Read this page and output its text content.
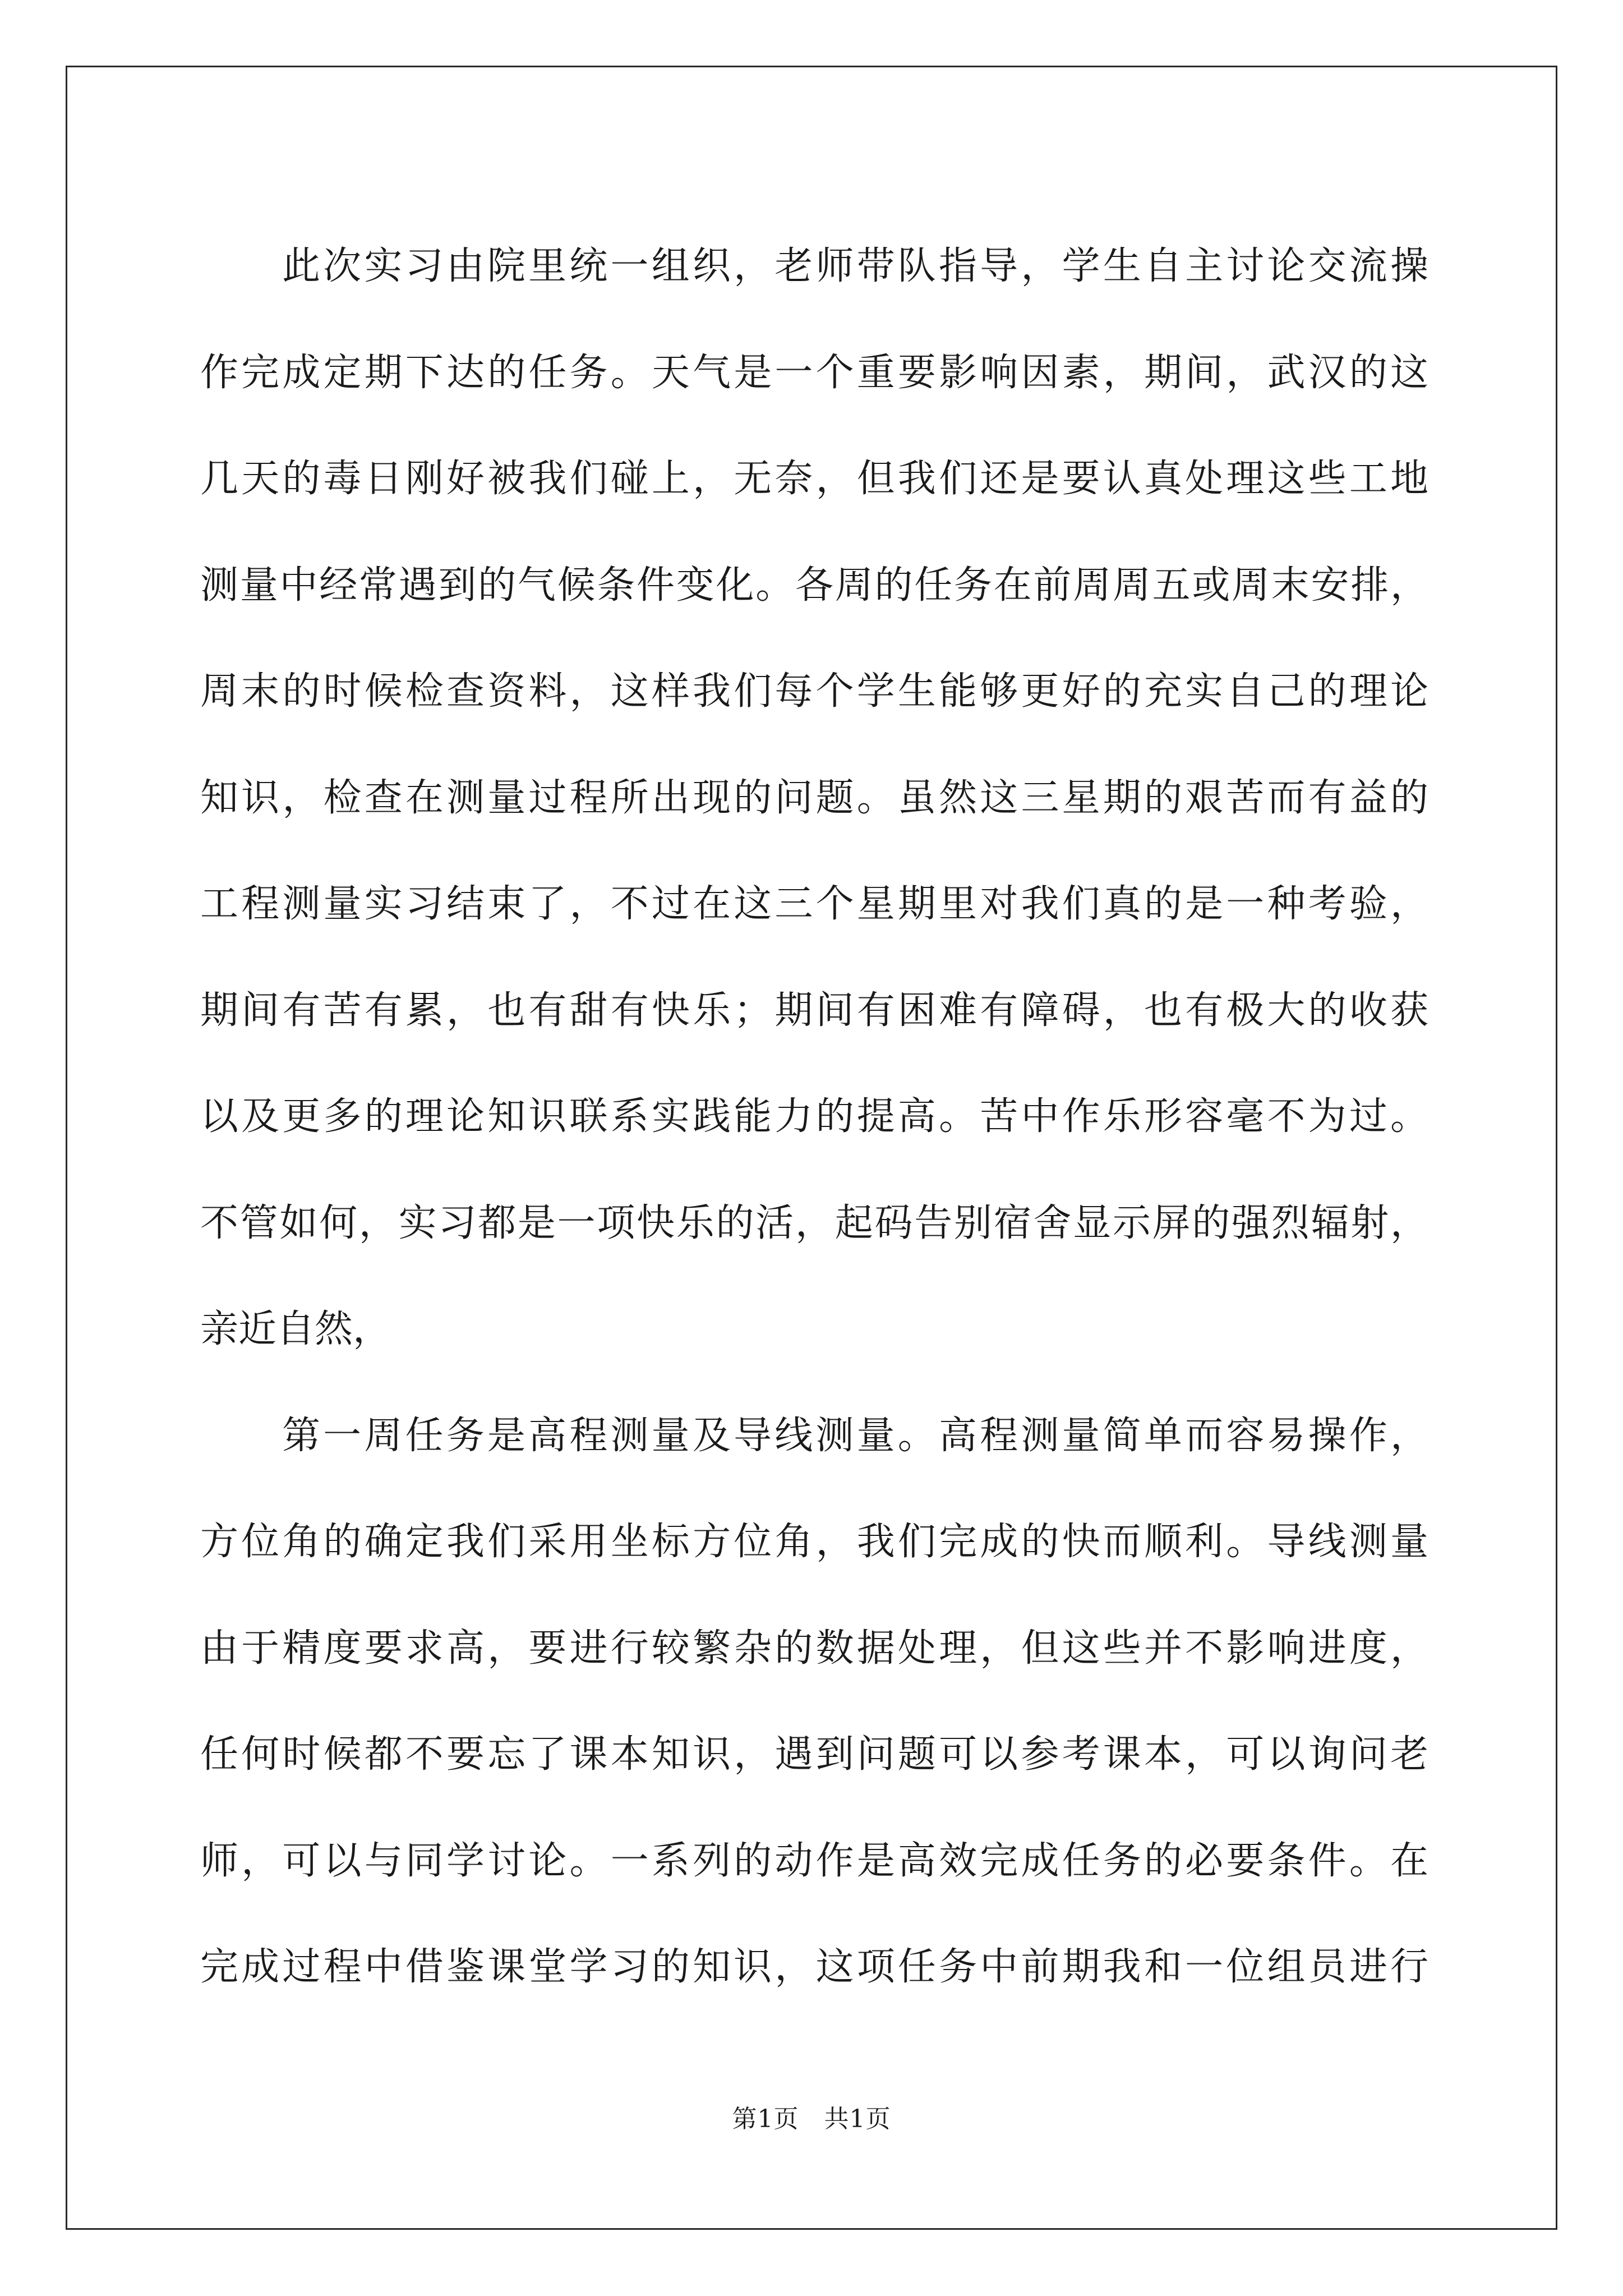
此次实习由院里统一组织，老师带队指导，学生自主讨论交流操
作完成定期下达的任务。天气是一个重要影响因素，期间，武汉的这
几天的毒日刚好被我们碰上，无奈，但我们还是要认真处理这些工地
测量中经常遇到的气候条件变化。各周的任务在前周周五或周末安排，
周末的时候检查资料，这样我们每个学生能够更好的充实自己的理论
知识，检查在测量过程所出现的问题。虽然这三星期的艰苦而有益的
工程测量实习结束了，不过在这三个星期里对我们真的是一种考验，
期间有苦有累，也有甜有快乐；期间有困难有障碍，也有极大的收获
以及更多的理论知识联系实践能力的提高。苦中作乐形容毫不为过。
不管如何，实习都是一项快乐的活，起码告别宿舍显示屏的强烈辐射，
亲近自然，
第一周任务是高程测量及导线测量。高程测量简单而容易操作，
方位角的确定我们采用坐标方位角，我们完成的快而顺利。导线测量
由于精度要求高，要进行较繁杂的数据处理，但这些并不影响进度，
任何时候都不要忘了课本知识，遇到问题可以参考课本，可以询问老
师，可以与同学讨论。一系列的动作是高效完成任务的必要条件。在
完成过程中借鉴课堂学习的知识，这项任务中前期我和一位组员进行
第1页　共1页
